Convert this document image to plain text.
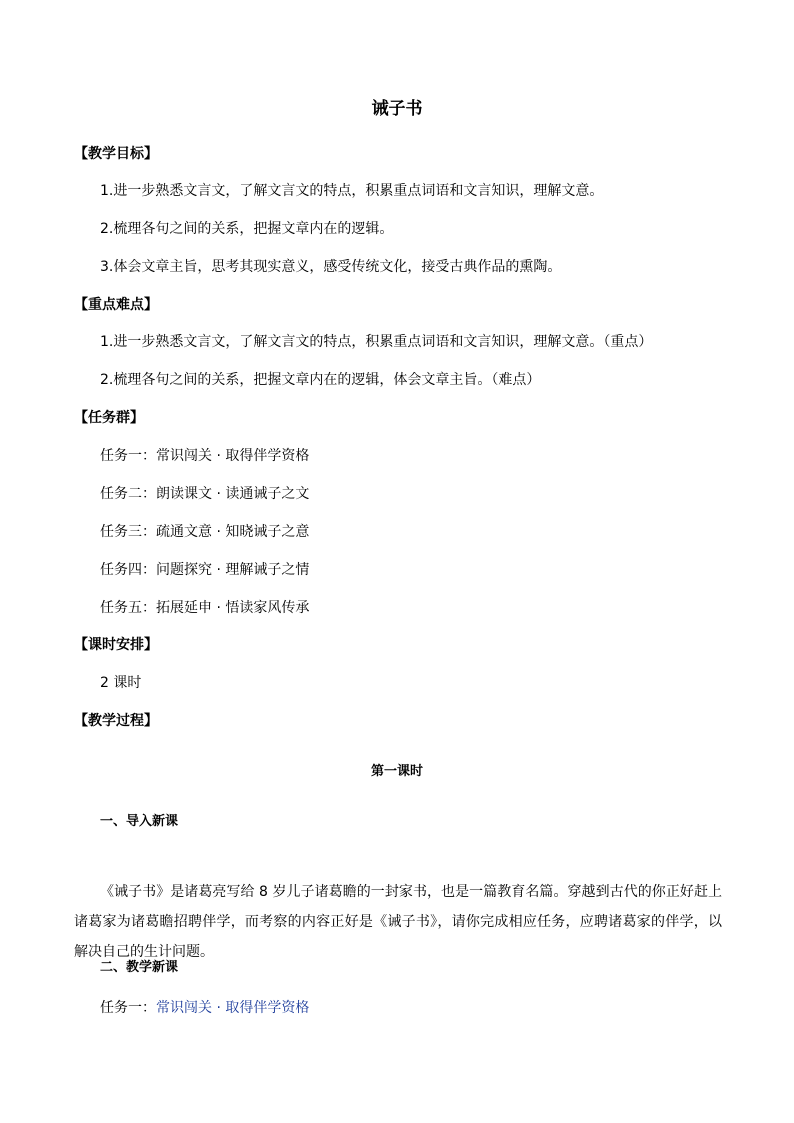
诫子书
【教学目标】
1.进一步熟悉文言文，了解文言文的特点，积累重点词语和文言知识，理解文意。
2.梳理各句之间的关系，把握文章内在的逻辑。
3.体会文章主旨，思考其现实意义，感受传统文化，接受古典作品的熏陶。
【重点难点】
1.进一步熟悉文言文，了解文言文的特点，积累重点词语和文言知识，理解文意。（重点）
2.梳理各句之间的关系，把握文章内在的逻辑，体会文章主旨。（难点）
【任务群】
任务一：常识闯关 · 取得伴学资格
任务二：朗读课文 · 读通诫子之文
任务三：疏通文意 · 知晓诫子之意
任务四：问题探究 · 理解诫子之情
任务五：拓展延申 · 悟读家风传承
【课时安排】
2 课时
【教学过程】
第一课时
一、导入新课
《诫子书》是诸葛亮写给 8 岁儿子诸葛瞻的一封家书，也是一篇教育名篇。穿越到古代的你正好赶上诸葛家为诸葛瞻招聘伴学，而考察的内容正好是《诫子书》，请你完成相应任务，应聘诸葛家的伴学，以解决自己的生计问题。
二、教学新课
任务一：常识闯关 · 取得伴学资格
